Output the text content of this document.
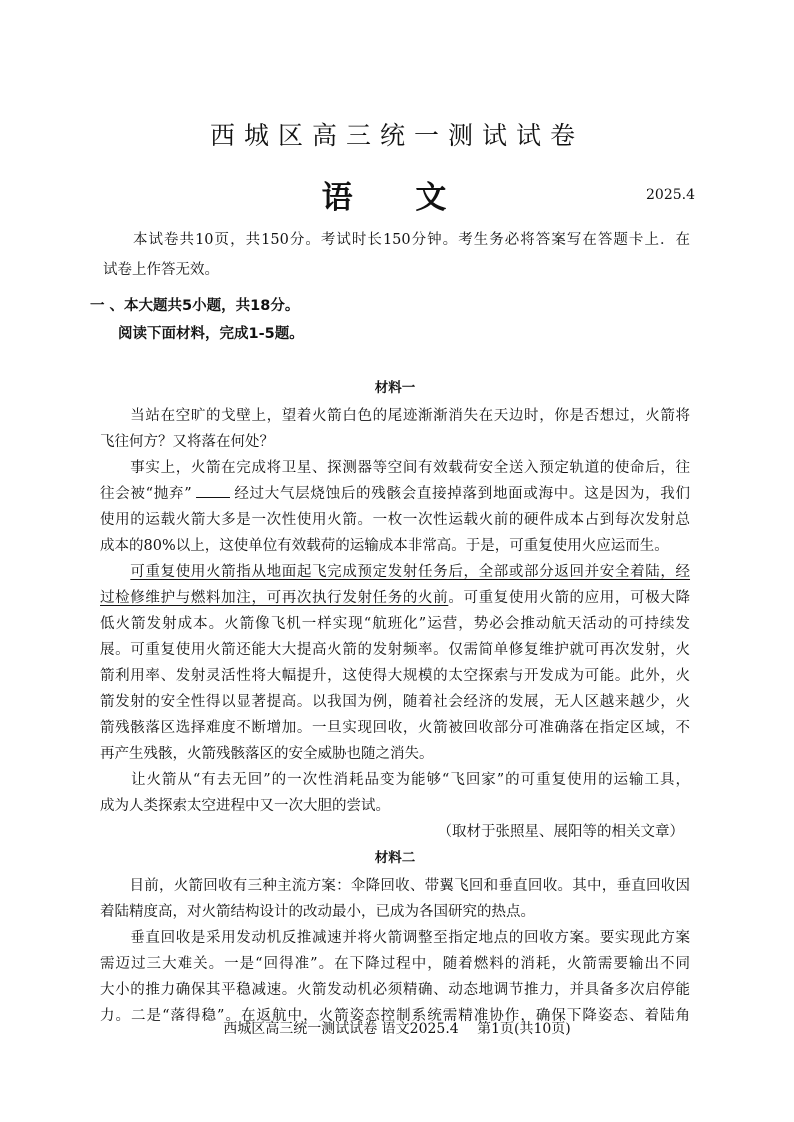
西城区高三统一测试试卷
语 文	2025.4
本试卷共10页，共150分。考试时长150分钟。考生务必将答案写在答题卡上．在
试卷上作答无效。
一 、本大题共5小题，共18分。
阅读下面材料，完成1-5题。
材料一
　　当站在空旷的戈壁上，望着火箭白色的尾迹渐渐消失在天边时，你是否想过，火箭将
飞往何方？又将落在何处？
　　事实上，火箭在完成将卫星、探测器等空间有效载荷安全送入预定轨道的使命后，往
往会被“抛弃”	经过大气层烧蚀后的残骸会直接掉落到地面或海中。这是因为，我们
使用的运载火箭大多是一次性使用火箭。一枚一次性运载火前的硬件成本占到每次发射总
成本的80%以上，这使单位有效载荷的运输成本非常高。于是，可重复使用火应运而生。
　　可重复使用火箭指从地面起飞完成预定发射任务后，全部或部分返回并安全着陆，经
过检修维护与燃料加注，可再次执行发射任务的火前。可重复使用火箭的应用，可极大降
低火箭发射成本。火箭像飞机一样实现“航班化”运营，势必会推动航天活动的可持续发
展。可重复使用火箭还能大大提高火箭的发射频率。仅需简单修复维护就可再次发射，火
箭利用率、发射灵活性将大幅提升，这使得大规模的太空探索与开发成为可能。此外，火
箭发射的安全性得以显著提高。以我国为例，随着社会经济的发展，无人区越来越少，火
箭残骸落区选择难度不断增加。一旦实现回收，火箭被回收部分可准确落在指定区域，不
再产生残骸，火箭残骸落区的安全威胁也随之消失。
　　让火箭从“有去无回”的一次性消耗品变为能够“飞回家”的可重复使用的运输工具，
成为人类探索太空进程中又一次大胆的尝试。
（取材于张照星、展阳等的相关文章）
材料二
　　目前，火箭回收有三种主流方案：伞降回收、带翼飞回和垂直回收。其中，垂直回收因
着陆精度高，对火箭结构设计的改动最小，已成为各国研究的热点。
　　垂直回收是采用发动机反推减速并将火箭调整至指定地点的回收方案。要实现此方案
需迈过三大难关。一是“回得准”。在下降过程中，随着燃料的消耗，火箭需要输出不同
大小的推力确保其平稳减速。火箭发动机必须精确、动态地调节推力，并具备多次启停能
力。二是“落得稳”。在返航中，火箭姿态控制系统需精准协作，确保下降姿态、着陆角
西城区高三统一测试试卷 语文2025.4　 第1页(共10页)
